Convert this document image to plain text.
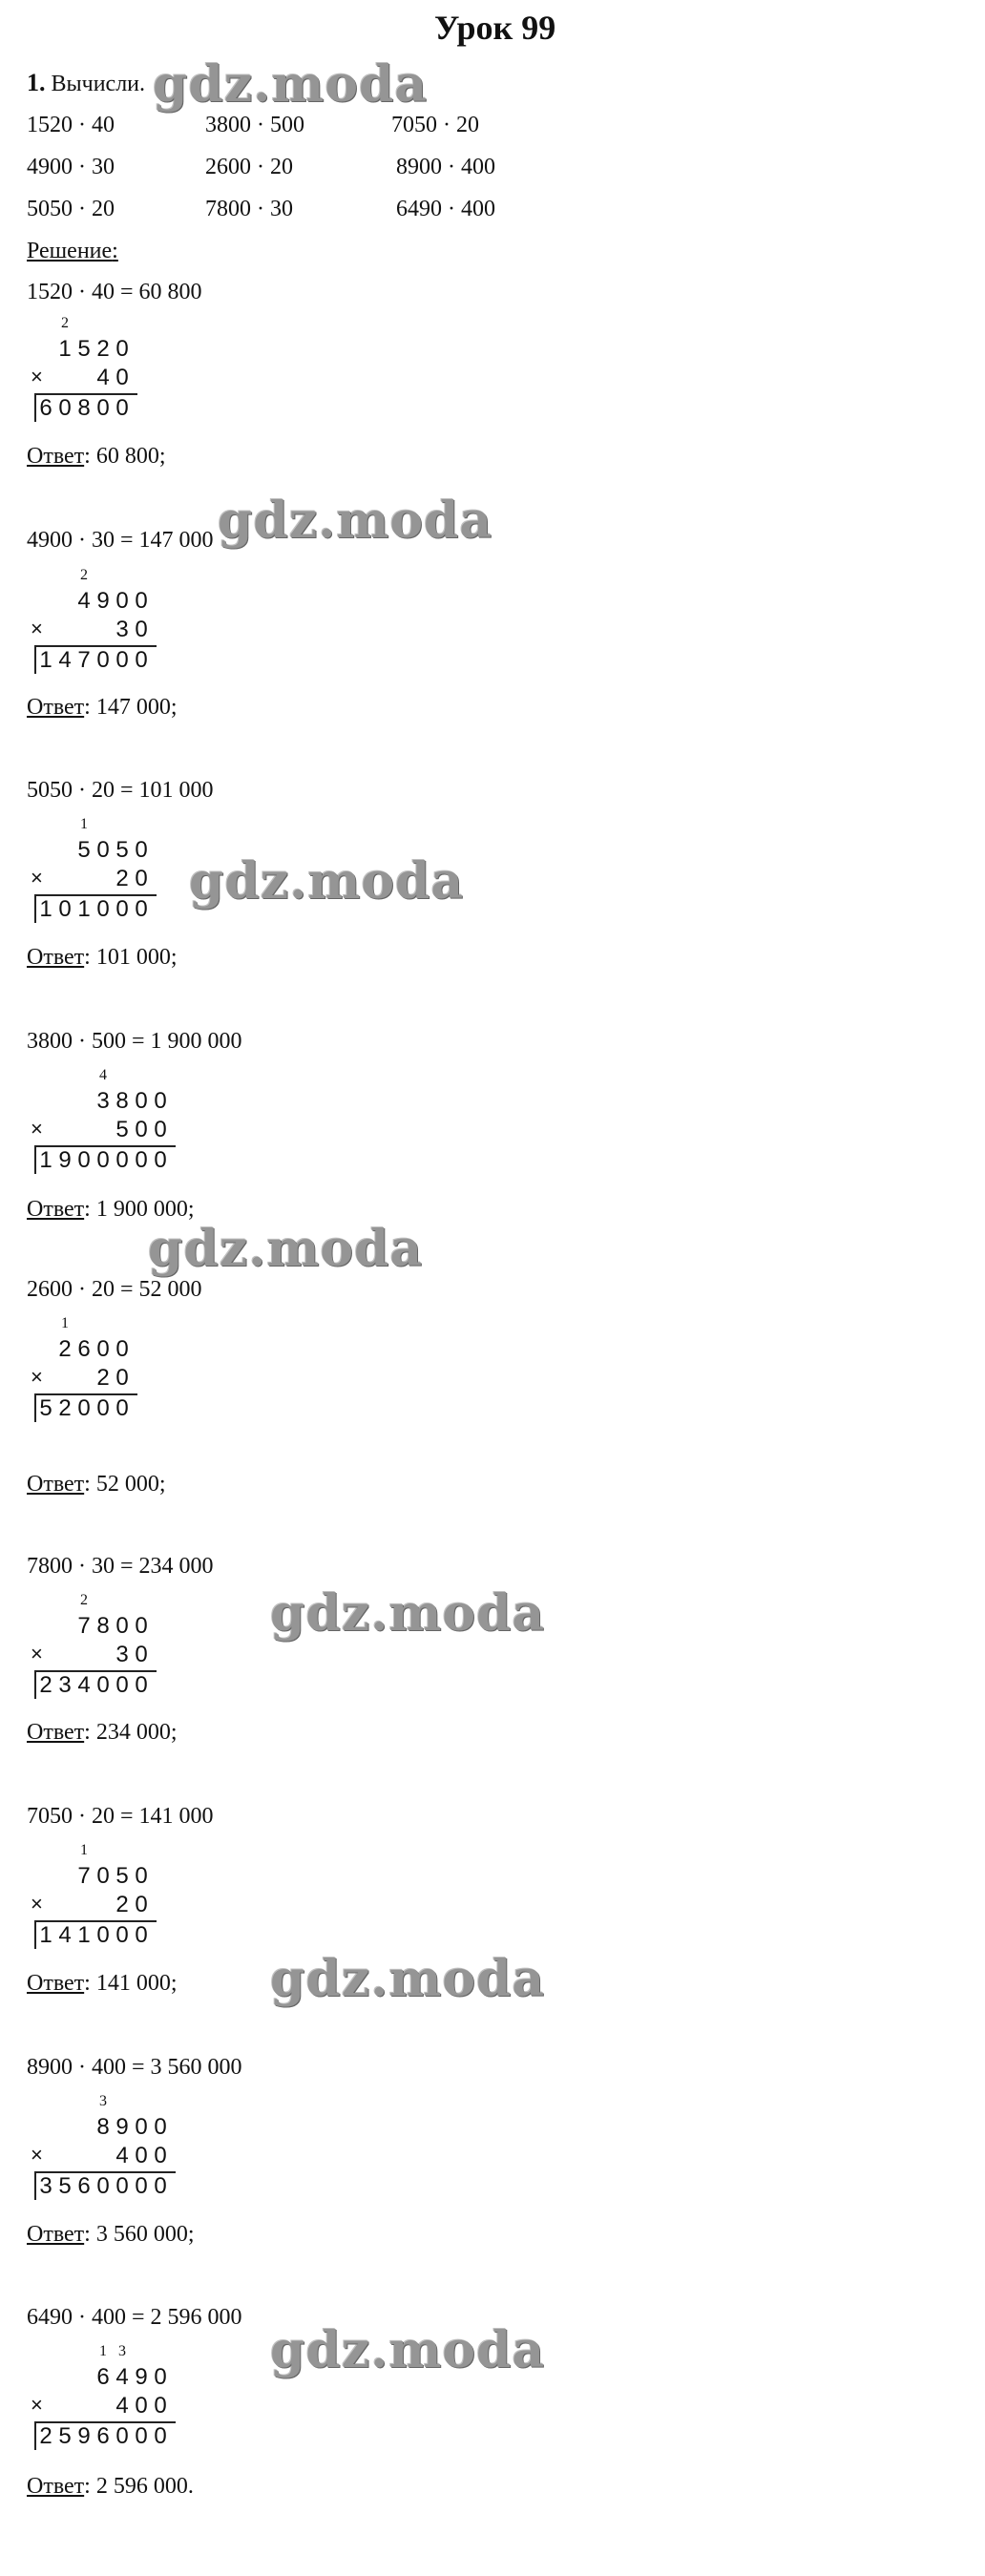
Урок 99
1. Вычисли.
1520 · 40	3800 · 500	7050 · 20
4900 · 30	2600 · 20	8900 · 400
5050 · 20	7800 · 30	6490 · 400
Решение:
1520 · 40 = 60 800
2
1 5 2 0
4 0
×
6 0 8 0 0
Ответ: 60 800;
4900 · 30 = 147 000
2
4 9 0 0
3 0
×
1 4 7 0 0 0
Ответ: 147 000;
5050 · 20 = 101 000
1
5 0 5 0
2 0
×
1 0 1 0 0 0
Ответ: 101 000;
3800 · 500 = 1 900 000
4
3 8 0 0
5 0 0
×
1 9 0 0 0 0 0
Ответ: 1 900 000;
2600 · 20 = 52 000
1
2 6 0 0
2 0
×
5 2 0 0 0
Ответ: 52 000;
7800 · 30 = 234 000
2
7 8 0 0
3 0
×
2 3 4 0 0 0
Ответ: 234 000;
7050 · 20 = 141 000
1
7 0 5 0
2 0
×
1 4 1 0 0 0
Ответ: 141 000;
8900 · 400 = 3 560 000
3
8 9 0 0
4 0 0
×
3 5 6 0 0 0 0
Ответ: 3 560 000;
6490 · 400 = 2 596 000
1 3
6 4 9 0
4 0 0
×
2 5 9 6 0 0 0
Ответ: 2 596 000.
gdz.moda
gdz.moda
gdz.moda
gdz.moda
gdz.moda
gdz.moda
gdz.moda
